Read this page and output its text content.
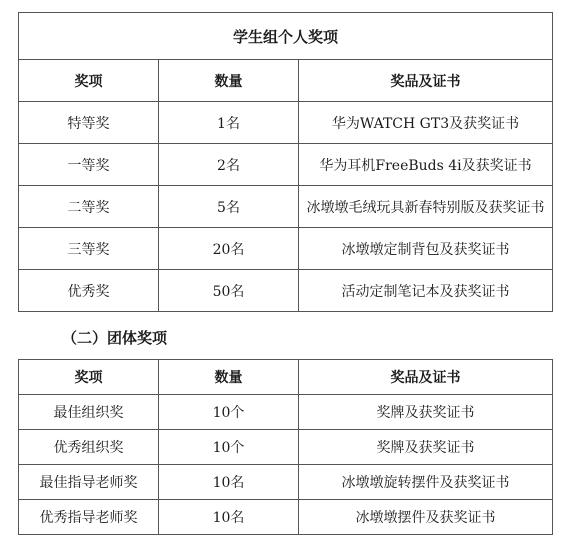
学生组个人奖项		
奖项	数量	奖品及证书
特等奖	1名	华为WATCH GT3及获奖证书
一等奖	2名	华为耳机FreeBuds 4i及获奖证书
二等奖	5名	冰墩墩毛绒玩具新春特别版及获奖证书
三等奖	20名	冰墩墩定制背包及获奖证书
优秀奖	50名	活动定制笔记本及获奖证书
（二）团体奖项
奖项	数量	奖品及证书
最佳组织奖	10个	奖牌及获奖证书
优秀组织奖	10个	奖牌及获奖证书
最佳指导老师奖	10名	冰墩墩旋转摆件及获奖证书
优秀指导老师奖	10名	冰墩墩摆件及获奖证书
